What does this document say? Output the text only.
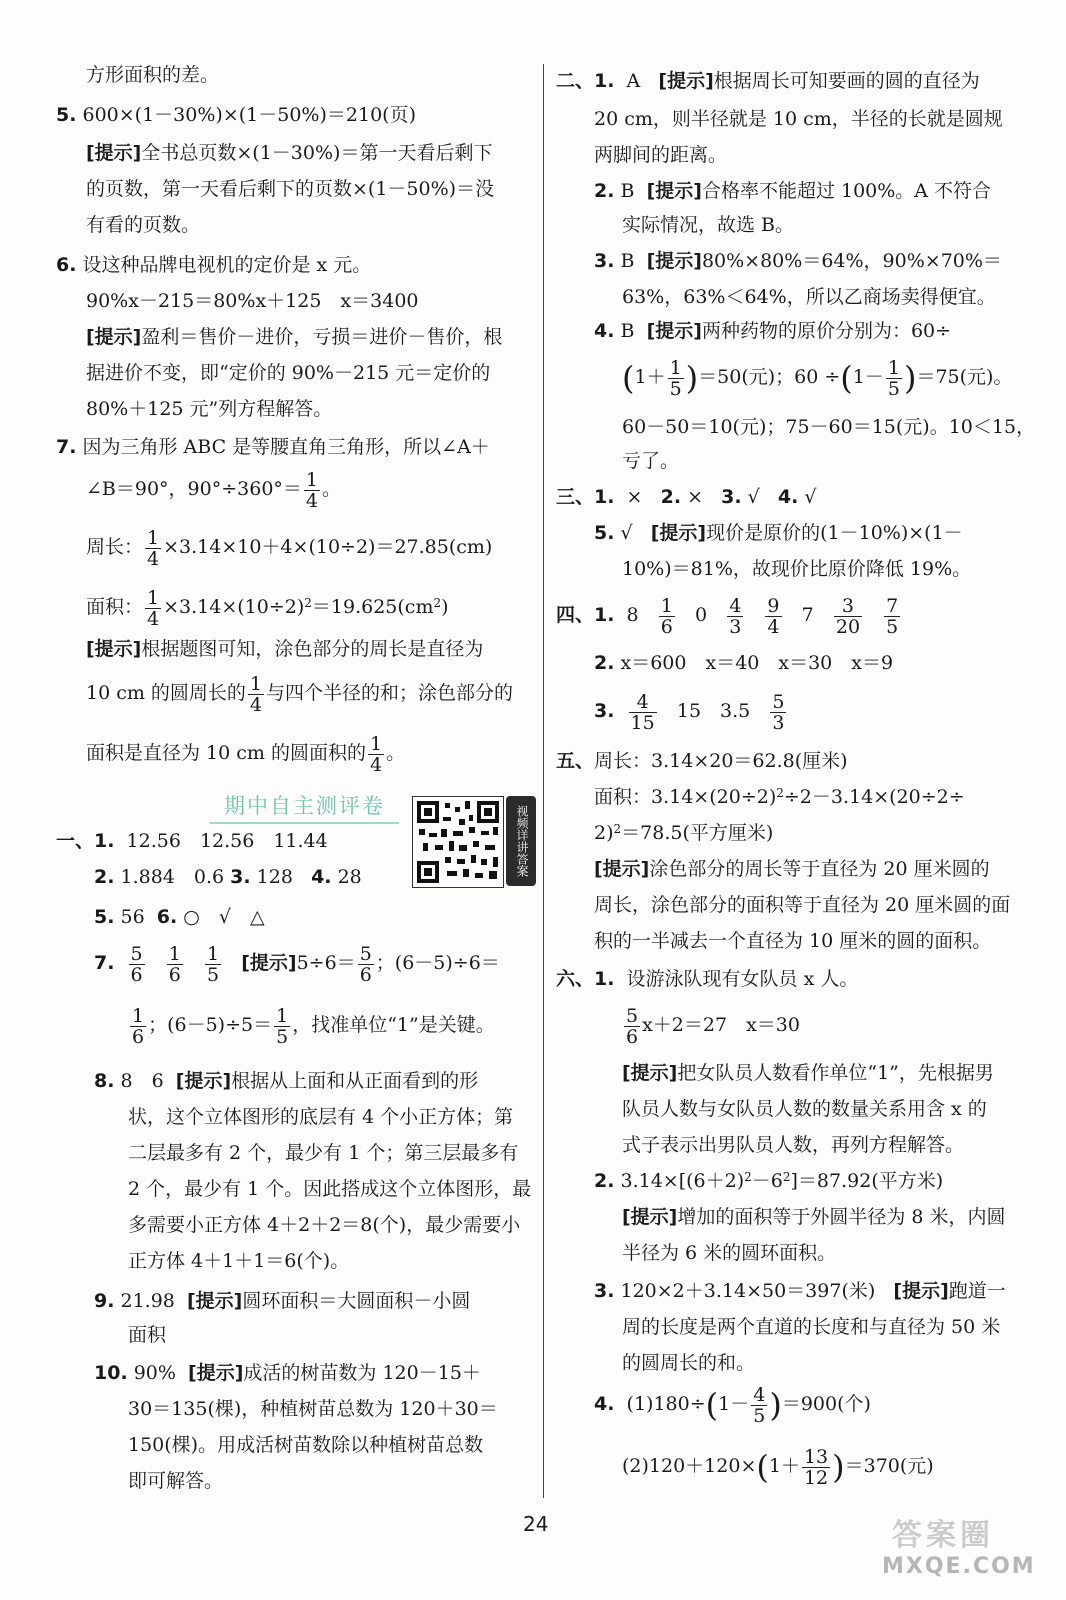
方形面积的差。
5. 600×(1－30%)×(1－50%)＝210(页)
[提示]全书总页数×(1－30%)＝第一天看后剩下
的页数，第一天看后剩下的页数×(1－50%)＝没
有看的页数。
6. 设这种品牌电视机的定价是 x 元。
90%x－215＝80%x＋125　x＝3400
[提示]盈利＝售价－进价，亏损＝进价－售价，根
据进价不变，即“定价的 90%－215 元＝定价的
80%＋125 元”列方程解答。
7. 因为三角形 ABC 是等腰直角三角形，所以∠A＋
∠B＝90°，$90^\circ\div 360^\circ= \frac{1}{4}$ 。
周长： $\frac{1}{4} \times 3.14\times 10+4\times(10\div 2)=27.85(cm)$
面积： $\frac{1}{4} \times 3.14\times(10\div 2)^2=19.625(cm^2)$
[提示]根据题图可知，涂色部分的周长是直径为
10 cm 的圆周长的 $\frac{1}{4}$ 与四个半径的和；涂色部分的
面积是直径为 10 cm 的圆面积的 $\frac{1}{4}$ 。
一、1. 12.56　12.56　11.44
2. 1.884　0.6 3. 128 4. 28
5. 56 6. ○　√　△
7. $\frac{5}{6}$
$\frac{1}{6}$
$\frac{1}{5}$ [提示]$5\div 6= \frac{5}{6}$ ；(6－5)÷6＝
$\frac{1}{6}$ ；$(6-5)\div 5= \frac{1}{5}$ ，找准单位“1”是关键。
8. 8　6 [提示]根据从上面和从正面看到的形
状，这个立体图形的底层有 4 个小正方体；第
二层最多有 2 个，最少有 1 个；第三层最多有
2 个，最少有 1 个。因此搭成这个立体图形，最
多需要小正方体 4＋2＋2＝8(个)，最少需要小
正方体 4＋1＋1＝6(个)。
9. 21.98 [提示]圆环面积＝大圆面积－小圆
面积
10. 90% [提示]成活的树苗数为 120－15＋
30＝135(棵)，种植树苗总数为 120＋30＝
150(棵)。用成活树苗数除以种植树苗总数
即可解答。
期中自主测评卷	视频详讲答案
二、1. A [提示]根据周长可知要画的圆的直径为
20 cm，则半径就是 10 cm，半径的长就是圆规
两脚间的距离。
2. B [提示]合格率不能超过 100%。A 不符合
实际情况，故选 B。
3. B [提示]80%×80%＝64%，90%×70%＝
63%，63%＜64%，所以乙商场卖得便宜。
4. B [提示]两种药物的原价分别为：60÷
$(1+ \frac{1}{5} )=50$(元)；$60 \div(1- \frac{1}{5} )=75$(元)。
60－50＝10(元)；75－60＝15(元)。10＜15，
亏了。
三、1. × 2. × 3. √ 4. √
5. √ [提示]现价是原价的(1－10%)×(1－
10%)＝81%，故现价比原价降低 19%。
四、1. $8 \frac{1}{6} 0 \frac{4}{3}$
$\frac{9}{4} 7 \frac{3}{20}$
$\frac{7}{5}$
2. x＝600　x＝40　x＝30　x＝9
3. $\frac{4}{15} 15$　$3.5 \frac{5}{3}$
五、周长：3.14×20＝62.8(厘米)
面积：$3.14\times(20\div 2)^2\div 2-3.14\times(20\div 2\div$
2)$^2$＝78.5(平方厘米)
[提示]涂色部分的周长等于直径为 20 厘米圆的
周长，涂色部分的面积等于直径为 20 厘米圆的面
积的一半减去一个直径为 10 厘米的圆的面积。
六、1. 设游泳队现有女队员 x 人。
$\frac{5}{6} x+2=27$　x＝30
[提示]把女队员人数看作单位“1”，先根据男
队员人数与女队员人数的数量关系用含 x 的
式子表示出男队员人数，再列方程解答。
2. $3.14\times[(6+2)^2-6^2]=87.92$(平方米)
[提示]增加的面积等于外圆半径为 8 米，内圆
半径为 6 米的圆环面积。
3. 120×2＋3.14×50＝397(米) [提示]跑道一
周的长度是两个直道的长度和与直径为 50 米
的圆周长的和。
4. $(1)180\div(1- \frac{4}{5} )=900$(个)
$(2)120+120\times(1+ \frac{13}{12} )=370$(元)
24	答案圈
MXQE.COM
